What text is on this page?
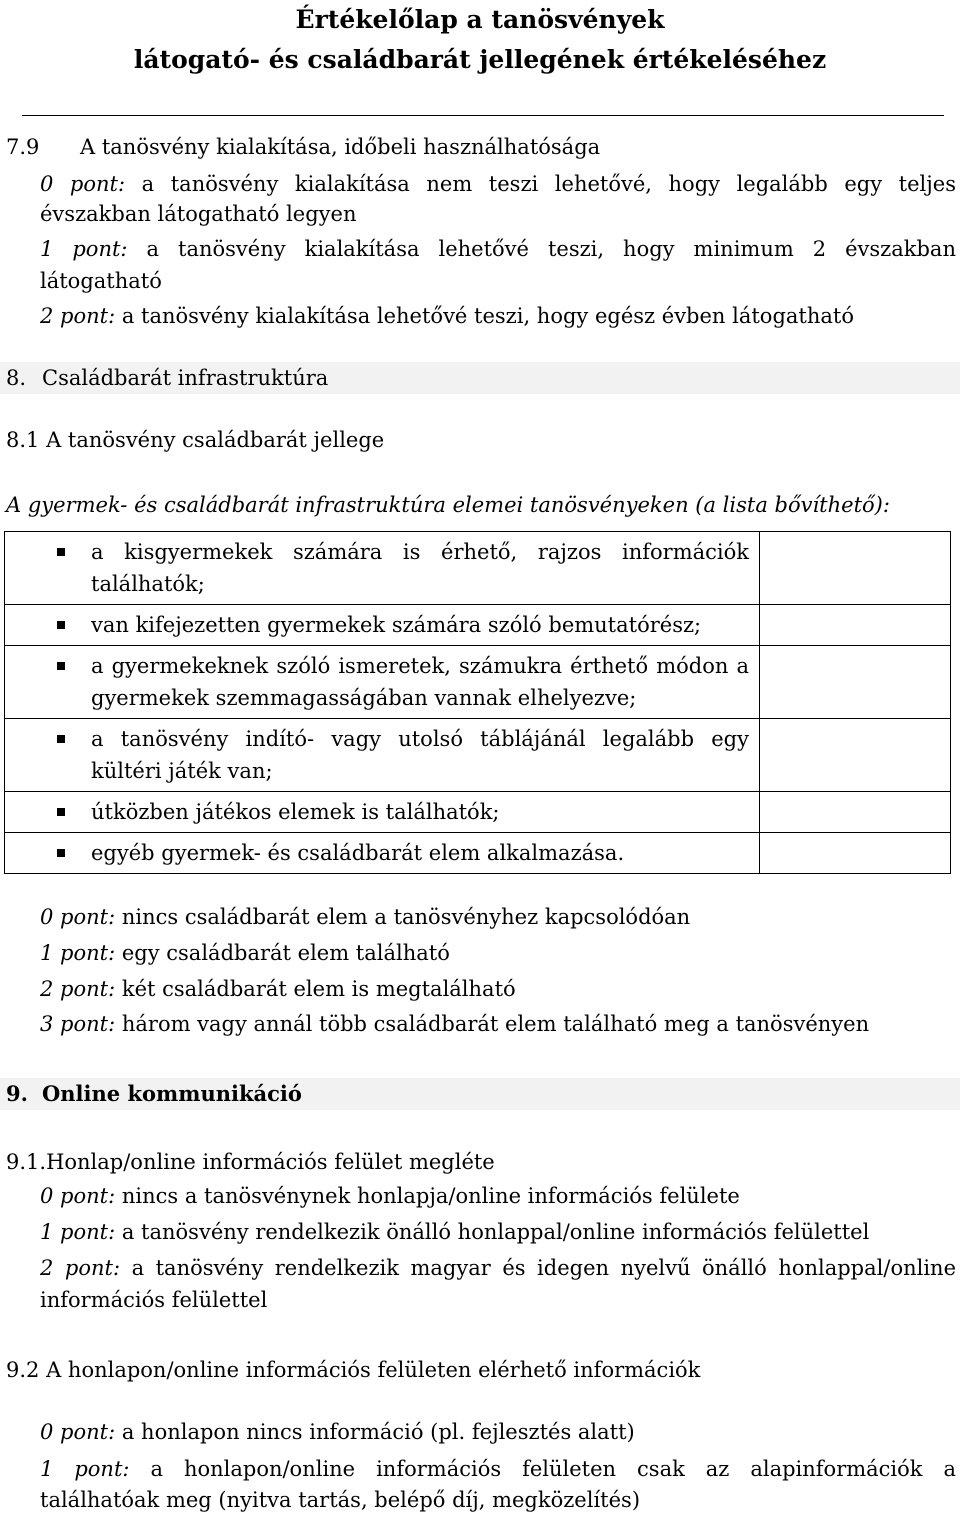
Értékelőlap a tanösvények
látogató- és családbarát jellegének értékeléséhez
7.9 A tanösvény kialakítása, időbeli használhatósága
0 pont: a tanösvény kialakítása nem teszi lehetővé, hogy legalább egy teljes
évszakban látogatható legyen
1 pont: a tanösvény kialakítása lehetővé teszi, hogy minimum 2 évszakban
látogatható
2 pont: a tanösvény kialakítása lehetővé teszi, hogy egész évben látogatható
8. Családbarát infrastruktúra
8.1 A tanösvény családbarát jellege
A gyermek- és családbarát infrastruktúra elemei tanösvényeken (a lista bővíthető):
a kisgyermekek számára is érhető, rajzos információk találhatók;	

van kifejezetten gyermekek számára szóló bemutatórész;	

a gyermekeknek szóló ismeretek, számukra érthető módon a gyermekek szemmagasságában vannak elhelyezve;	

a tanösvény indító- vagy utolsó táblájánál legalább egy kültéri játék van;	

útközben játékos elemek is találhatók;	

egyéb gyermek- és családbarát elem alkalmazása.	

0 pont: nincs családbarát elem a tanösvényhez kapcsolódóan
1 pont: egy családbarát elem található
2 pont: két családbarát elem is megtalálható
3 pont: három vagy annál több családbarát elem található meg a tanösvényen
9. Online kommunikáció
9.1.Honlap/online információs felület megléte
0 pont: nincs a tanösvénynek honlapja/online információs felülete
1 pont: a tanösvény rendelkezik önálló honlappal/online információs felülettel
2 pont: a tanösvény rendelkezik magyar és idegen nyelvű önálló honlappal/online
információs felülettel
9.2 A honlapon/online információs felületen elérhető információk
0 pont: a honlapon nincs információ (pl. fejlesztés alatt)
1 pont: a honlapon/online információs felületen csak az alapinformációk a
találhatóak meg (nyitva tartás, belépő díj, megközelítés)
